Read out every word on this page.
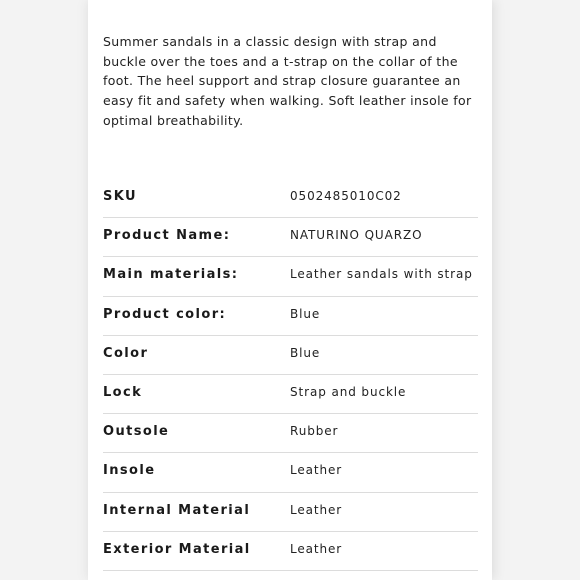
Summer sandals in a classic design with strap and buckle over the toes and a t-strap on the collar of the foot. The heel support and strap closure guarantee an easy fit and safety when walking. Soft leather insole for optimal breathability.

SKU	0502485010C02
Product Name:	NATURINO QUARZO
Main materials:	Leather sandals with strap
Product color:	Blue
Color	Blue
Lock	Strap and buckle
Outsole	Rubber
Insole	Leather
Internal Material	Leather
Exterior Material	Leather
